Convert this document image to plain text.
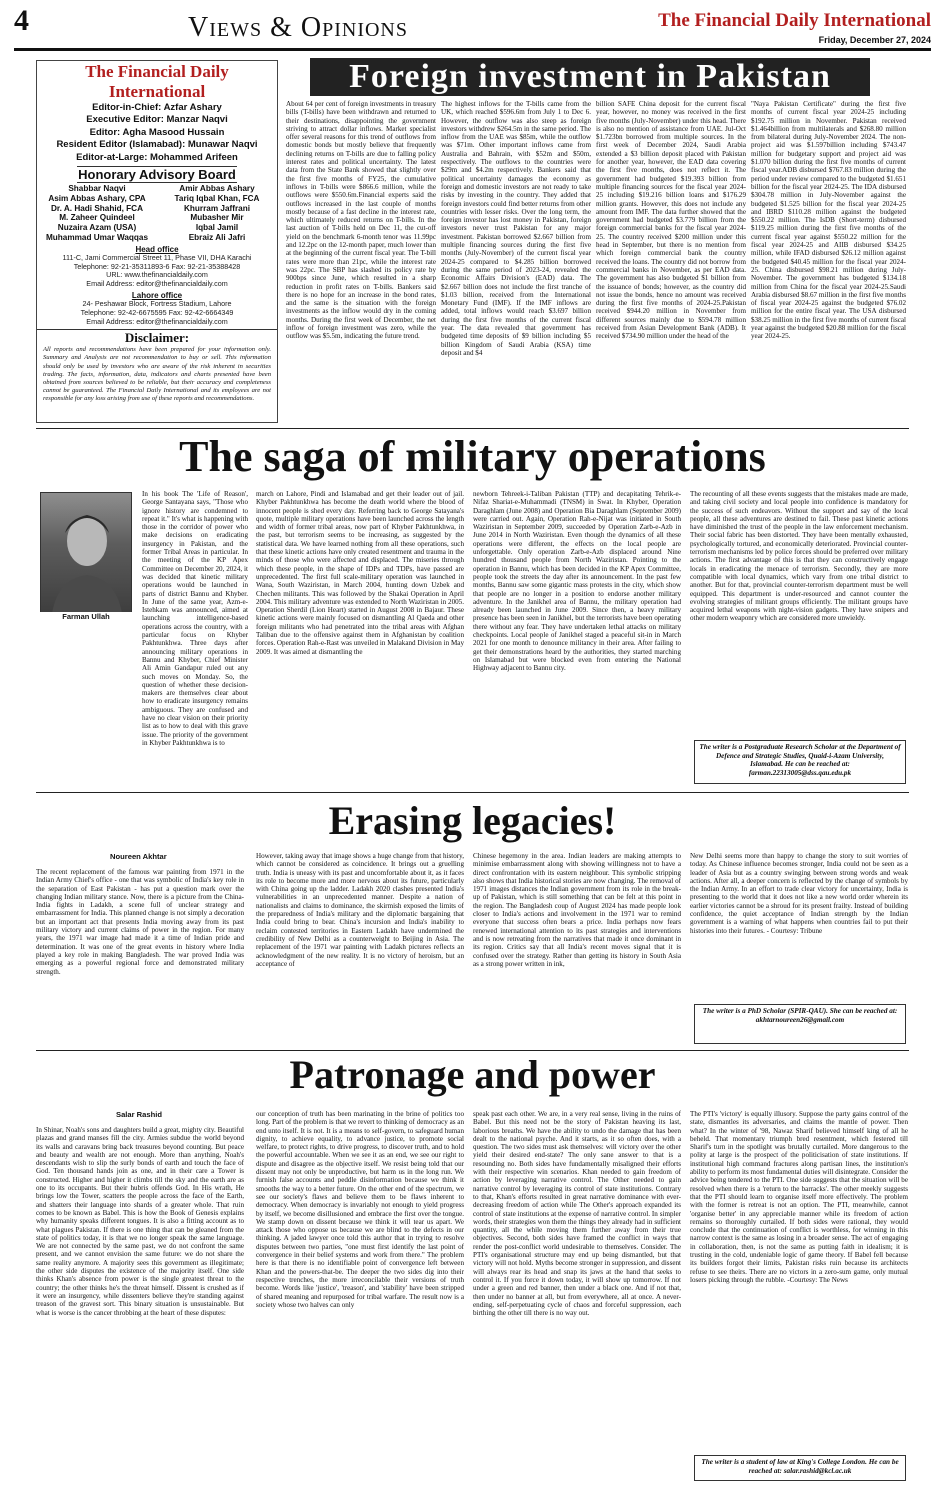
4	Views & Opinions	The Financial Daily International
Friday, December 27, 2024
The Financial Daily International
Editor-in-Chief: Azfar Ashary
Executive Editor: Manzar Naqvi
Editor: Agha Masood Hussain
Resident Editor (Islamabad): Munawar Naqvi
Editor-at-Large: Mohammed Arifeen
Honorary Advisory Board
Shabbar Naqvi
Asim Abbas Ashary, CPA
Dr. A. Hadi Shahid, FCA
M. Zaheer Quindeel
Nuzaira Azam (USA)
Muhammad Umar Waqqas
Amir Abbas Ashary
Tariq Iqbal Khan, FCA
Khurram Jaffrani
Mubasher Mir
Iqbal Jamil
Ebraiz Ali Jafri
Head office
111-C, Jami Commercial Street 11, Phase VII, DHA Karachi
Telephone: 92-21-35311893-6 Fax: 92-21-35388428
URL: www.thefinancialdaily.com
Email Address: editor@thefinancialdaily.com
Lahore office
24- Peshawar Block, Fortress Stadium, Lahore
Telephone: 92-42-6675595 Fax: 92-42-6664349
Email Address: editor@thefinancialdaily.com
Disclaimer:
All reports and recommendations have been prepared for your information only. Summary and Analysis are not recommendation to buy or sell. This information should only be used by investors who are aware of the risk inherent in securities trading. The facts, information, data, indicators and charts presented have been obtained from sources believed to be reliable, but their accuracy and completeness cannot be guaranteed. The Financial Daily International and its employees are not responsible for any loss arising from use of these reports and recommendations.
Foreign investment in Pakistan

About 64 per cent of foreign investments in treasury bills (T-bills) have been withdrawn and returned to their destinations, disappointing the government striving to attract dollar inflows. Market specialist offer several reasons for this trend of outflows from domestic bonds but mostly believe that frequently declining returns on T-bills are due to falling policy interest rates and political uncertainty. The latest data from the State Bank showed that slightly over the first five months of FY25, the cumulative inflows in T-bills were $866.6 million, while the outflows were $550.6m.Financial experts said the outflows increased in the last couple of months mostly because of a fast decline in the interest rate, which ultimately reduced returns on T-bills. In the last auction of T-bills held on Dec 11, the cut-off yield on the benchmark 6-month tenor was 11.99pc and 12.2pc on the 12-month paper, much lower than at the beginning of the current fiscal year. The T-bill rates were more than 21pc, while the interest rate was 22pc. The SBP has slashed its policy rate by 900bps since June, which resulted in a sharp reduction in profit rates on T-bills. Bankers said there is no hope for an increase in the bond rates, and the same is the situation with the foreign investments as the inflow would dry in the coming months. During the first week of December, the net inflow of foreign investment was zero, while the outflow was $5.5m, indicating the future trend.

The highest inflows for the T-bills came from the UK, which reached $596.6m from July 1 to Dec 6. However, the outflow was also steep as foreign investors withdrew $264.5m in the same period. The inflow from the UAE was $85m, while the outflow was $71m. Other important inflows came from Australia and Bahrain, with $52m and $50m, respectively. The outflows to the countries were $29m and $4.2m respectively. Bankers said that political uncertainty damages the economy as foreign and domestic investors are not ready to take risks by investing in the country. They added that foreign investors could find better returns from other countries with lesser risks. Over the long term, the foreign investor has lost money in Pakistan, foreign investors never trust Pakistan for any major investment. Pakistan borrowed $2.667 billion from multiple financing sources during the first five months (July-November) of the current fiscal year 2024-25 compared to $4.285 billion borrowed during the same period of 2023-24, revealed the Economic Affairs Division's (EAD) data. The $2.667 billion does not include the first tranche of $1.03 billion, received from the International Monetary Fund (IMF). If the IMF inflows are added, total inflows would reach $3.697 billion during the first five months of the current fiscal year. The data revealed that government has budgeted time deposits of $9 billion including $5 billion Kingdom of Saudi Arabia (KSA) time deposit and $4

billion SAFE China deposit for the current fiscal year, however, no money was received in the first five months (July-November) under this head. There is also no mention of assistance from UAE. Jul-Oct $1.723bn borrowed from multiple sources. In the first week of December 2024, Saudi Arabia extended a $3 billion deposit placed with Pakistan for another year, however, the EAD data covering the first five months, does not reflect it. The government had budgeted $19.393 billion from multiple financing sources for the fiscal year 2024-25 including $19.216 billion loans and $176.29 million grants. However, this does not include any amount from IMF. The data further showed that the government had budgeted $3.779 billion from the foreign commercial banks for the fiscal year 2024-25. The country received $200 million under this head in September, but there is no mention from which foreign commercial bank the country received the loans. The country did not borrow from commercial banks in November, as per EAD data. The government has also budgeted $1 billion from the issuance of bonds; however, as the country did not issue the bonds, hence no amount was received during the first five months of 2024-25.Pakistan received $944.20 million in November from different sources mainly due to $594.78 million received from Asian Development Bank (ADB). It received $734.90 million under the head of the

"Naya Pakistan Certificate" during the first five months of current fiscal year 2024-25 including $192.75 million in November. Pakistan received $1.464billion from multilaterals and $268.80 million from bilateral during July-November 2024. The non-project aid was $1.597billion including $743.47 million for budgetary support and project aid was $1.070 billion during the first five months of current fiscal year.ADB disbursed $767.83 million during the period under review compared to the budgeted $1.651 billion for the fiscal year 2024-25. The IDA disbursed $304.78 million in July-November against the budgeted $1.525 billion for the fiscal year 2024-25 and IBRD $110.28 million against the budgeted $550.22 million. The IsDB (Short-term) disbursed $119.25 million during the first five months of the current fiscal year against $550.22 million for the fiscal year 2024-25 and AIIB disbursed $34.25 million, while IFAD disbursed $26.12 million against the budgeted $40.45 million for the fiscal year 2024-25. China disbursed $98.21 million during July-November. The government has budgeted $134.18 million from China for the fiscal year 2024-25.Saudi Arabia disbursed $8.67 million in the first five months of fiscal year 2024-25 against the budgeted $76.02 million for the entire fiscal year. The USA disbursed $38.25 million in the first five months of current fiscal year against the budgeted $20.88 million for the fiscal year 2024-25.

The saga of military operations
Farman Ullah

In his book The 'Life of Reason', George Santayana says, "Those who ignore history are condemned to repeat it." It's what is happening with those in the corridor of power who make decisions on eradicating insurgency in Pakistan, and the former Tribal Areas in particular. In the meeting of the KP Apex Committee on December 20, 2024, it was decided that kinetic military operations would be launched in parts of district Bannu and Khyber. In June of the same year, Azm-e-Istehkam was announced, aimed at launching intelligence-based operations across the country, with a particular focus on Khyber Pakhtunkhwa. Three days after announcing military operations in Bannu and Khyber, Chief Minister Ali Amin Gandapur ruled out any such moves on Monday. So, the question of whether these decision-makers are themselves clear about how to eradicate insurgency remains ambiguous. They are confused and have no clear vision on their priority list as to how to deal with this grave issue. The priority of the government in Khyber Pakhtunkhwa is to

march on Lahore, Pindi and Islamabad and get their leader out of jail. Khyber Pakhtunkhwa has become the death world where the blood of innocent people is shed every day. Referring back to George Satayana's quote, multiple military operations have been launched across the length and width of former tribal areas, now part of Khyber Pakhtunkhwa, in the past, but terrorism seems to be increasing, as suggested by the statistical data. We have learned nothing from all these operations, such that these kinetic actions have only created resentment and trauma in the minds of those who were affected and displaced. The miseries through which these people, in the shape of IDPs and TDPs, have passed are unprecedented. The first full scale-military operation was launched in Wana, South Waziristan, in March 2004, hunting down Uzbek and Chechen militants. This was followed by the Shakai Operation in April 2004. This military adventure was extended to North Waziristan in 2005. Operation Sherdil (Lion Heart) started in August 2008 in Bajaur. These kinetic actions were mainly focused on dismantling Al Qaeda and other foreign militants who had penetrated into the tribal areas with Afghan Taliban due to the offensive against them in Afghanistan by coalition forces. Operation Rah-e-Rast was unveiled in Malakand Division in May 2009. It was aimed at dismantling the

newborn Tehreek-i-Taliban Pakistan (TTP) and decapitating Tehrik-e-Nifaz Shariat-e-Muhammadi (TNSM) in Swat. In Khyber, Operation Daraghlam (June 2008) and Operation Bia Daraghlam (September 2009) were carried out. Again, Operation Rah-e-Nijat was initiated in South Waziristan in September 2009, succeeded by Operation Zarb-e-Azb in June 2014 in North Waziristan. Even though the dynamics of all these operations were different, the effects on the local people are unforgettable. Only operation Zarb-e-Azb displaced around Nine hundred thousand people from North Waziristan. Pointing to the operation in Bannu, which has been decided in the KP Apex Committee, people took the streets the day after its announcement. In the past few months, Bannu saw some gigantic mass protests in the city, which show that people are no longer in a position to endorse another military adventure. In the Janikhel area of Bannu, the military operation had already been launched in June 2009. Since then, a heavy military presence has been seen in Janikhel, but the terrorists have been operating there without any fear. They have undertaken lethal attacks on military checkpoints. Local people of Janikhel staged a peaceful sit-in in March 2021 for one month to denounce militancy in their area. After failing to get their demonstrations heard by the authorities, they started marching on Islamabad but were blocked even from entering the National Highway adjacent to Bannu city.

The recounting of all these events suggests that the mistakes made are made, and taking civil society and local people into confidence is mandatory for the success of such endeavors. Without the support and say of the local people, all these adventures are destined to fail. These past kinetic actions have diminished the trust of the people in the law enforcement mechanism. Their social fabric has been distorted. They have been mentally exhausted, psychologically tortured, and economically deteriorated. Provincial counter-terrorism mechanisms led by police forces should be preferred over military actions. The first advantage of this is that they can constructively engage locals in eradicating the menace of terrorism. Secondly, they are more compatible with local dynamics, which vary from one tribal district to another. But for that, provincial counter-terrorism department must be well equipped. This department is under-resourced and cannot counter the evolving strategies of militant groups efficiently. The militant groups have acquired lethal weapons with night-vision gadgets. They have snipers and other modern weaponry which are considered more unwieldy.

The writer is a Postgraduate Research Scholar at the Department of Defence and Strategic Studies, Quaid-i-Azam University, Islamabad. He can be reached at: farman.22313005@dss.qau.edu.pk
Erasing legacies!
Noureen Akhtar

The recent replacement of the famous war painting from 1971 in the Indian Army Chief's office - one that was symbolic of India's key role in the separation of East Pakistan - has put a question mark over the changing Indian military stance. Now, there is a picture from the China-India fights in Ladakh, a scene full of unclear strategy and embarrassment for India. This planned change is not simply a decoration but an important act that presents India moving away from its past military victory and current claims of power in the region. For many years, the 1971 war image had made it a time of Indian pride and determination. It was one of the great events in history where India played a key role in making Bangladesh. The war proved India was emerging as a powerful regional force and demonstrated military strength.

However, taking away that image shows a huge change from that history, which cannot be considered as coincidence. It brings out a gruelling truth. India is uneasy with its past and uncomfortable about it, as it faces its role to become more and more nervous about its future, particularly with China going up the ladder. Ladakh 2020 clashes presented India's vulnerabilities in an unprecedented manner. Despite a nation of nationalists and claims to dominance, the skirmish exposed the limits of the preparedness of India's military and the diplomatic bargaining that India could bring to bear. China's incursion and India's inability to reclaim contested territories in Eastern Ladakh have undermined the credibility of New Delhi as a counterweight to Beijing in Asia. The replacement of the 1971 war painting with Ladakh pictures reflects an acknowledgment of the new reality. It is no victory of heroism, but an acceptance of

Chinese hegemony in the area. Indian leaders are making attempts to minimise embarrassment along with showing willingness not to have a direct confrontation with its eastern neighbour. This symbolic stripping also shows that India historical stories are now changing. The removal of 1971 images distances the Indian government from its role in the break-up of Pakistan, which is still something that can be felt at this point in the region. The Bangladesh coup of August 2024 has made people look closer to India's actions and involvement in the 1971 war to remind everyone that success often bears a price. India perhaps now fears renewed international attention to its past strategies and interventions and is now retreating from the narratives that made it once dominant in its region. Critics say that all India's recent moves signal that it is confused over the strategy. Rather than getting its history in South Asia as a strong power written in ink,

New Delhi seems more than happy to change the story to suit worries of today. As Chinese influence becomes stronger, India could not be seen as a leader of Asia but as a country swinging between strong words and weak actions. After all, a deeper concern is reflected by the change of symbols by the Indian Army. In an effort to trade clear victory for uncertainty, India is presenting to the world that it does not like a new world order wherein its earlier victories cannot be a shroud for its present frailty. Instead of building confidence, the quiet acceptance of Indian strength by the Indian government is a warning of what happens when countries fail to put their histories into their futures. - Courtesy: Tribune

The writer is a PhD Scholar (SPIR-QAU). She can be reached at: akhtarnoureen26@gmail.com
Patronage and power
Salar Rashid

In Shinar, Noah's sons and daughters build a great, mighty city. Beautiful plazas and grand manses fill the city. Armies subdue the world beyond its walls and caravans bring back treasures beyond counting. But peace and beauty and wealth are not enough. More than anything, Noah's descendants wish to slip the surly bonds of earth and touch the face of God. Ten thousand hands join as one, and in their care a Tower is constructed. Higher and higher it climbs till the sky and the earth are as one to its occupants. But their hubris offends God. In His wrath, He brings low the Tower, scatters the people across the face of the Earth, and shatters their language into shards of a greater whole. That ruin comes to be known as Babel. This is how the Book of Genesis explains why humanity speaks different tongues. It is also a fitting account as to what plagues Pakistan. If there is one thing that can be gleaned from the state of politics today, it is that we no longer speak the same language. We are not connected by the same past, we do not confront the same present, and we cannot envision the same future: we do not share the same reality anymore. A majority sees this government as illegitimate; the other side disputes the existence of the majority itself. One side thinks Khan's absence from power is the single greatest threat to the country; the other thinks he's the threat himself. Dissent is crushed as if it were an insurgency, while dissenters believe they're standing against treason of the gravest sort. This binary situation is unsustainable. But what is worse is the cancer throbbing at the heart of these disputes:

our conception of truth has been marinating in the brine of politics too long. Part of the problem is that we revert to thinking of democracy as an end unto itself. It is not. It is a means to self-govern, to safeguard human dignity, to achieve equality, to advance justice, to promote social welfare, to protect rights, to drive progress, to discover truth, and to hold the powerful accountable. When we see it as an end, we see our right to dispute and disagree as the objective itself. We resist being told that our dissent may not only be unproductive, but harm us in the long run. We furnish false accounts and peddle disinformation because we think it smooths the way to a better future. On the other end of the spectrum, we see our society's flaws and believe them to be flaws inherent to democracy. When democracy is invariably not enough to yield progress by itself, we become disillusioned and embrace the first over the tongue. We stamp down on dissent because we think it will tear us apart. We attack those who oppose us because we are blind to the defects in our thinking. A jaded lawyer once told this author that in trying to resolve disputes between two parties, "one must first identify the last point of convergence in their belief systems and work from there." The problem here is that there is no identifiable point of convergence left between Khan and the powers-that-be. The deeper the two sides dig into their respective trenches, the more irreconcilable their versions of truth become. Words like 'justice', 'treason', and 'stability' have been stripped of shared meaning and repurposed for tribal warfare. The result now is a society whose two halves can only

speak past each other. We are, in a very real sense, living in the ruins of Babel. But this need not be the story of Pakistan heaving its last, laborious breaths. We have the ability to undo the damage that has been dealt to the national psyche. And it starts, as it so often does, with a question. The two sides must ask themselves: will victory over the other yield their desired end-state? The only sane answer to that is a resounding no. Both sides have fundamentally misaligned their efforts with their respective win scenarios. Khan needed to gain freedom of action by leveraging narrative control. The Other needed to gain narrative control by leveraging its control of state institutions. Contrary to that, Khan's efforts resulted in great narrative dominance with ever-decreasing freedom of action while The Other's approach expanded its control of state institutions at the expense of narrative control. In simpler words, their strategies won them the things they already had in sufficient quantity, all the while moving them further away from their true objectives. Second, both sides have framed the conflict in ways that render the post-conflict world undesirable to themselves. Consider. The PTI's organisational structure may end up being dismantled, but that victory will not hold. Myths become stronger in suppression, and dissent will always rear its head and snap its jaws at the hand that seeks to control it. If you force it down today, it will show up tomorrow. If not under a green and red banner, then under a black one. And if not that, then under no banner at all, but from everywhere, all at once. A never-ending, self-perpetuating cycle of chaos and forceful suppression, each birthing the other till there is no way out.

The PTI's 'victory' is equally illusory. Suppose the party gains control of the state, dismantles its adversaries, and claims the mantle of power. Then what? In the winter of '98, Nawaz Sharif believed himself king of all he beheld. That momentary triumph bred resentment, which festered till Sharif's turn in the spotlight was brutally curtailed. More dangerous to the polity at large is the prospect of the politicisation of state institutions. If institutional high command fractures along partisan lines, the institution's ability to perform its most fundamental duties will disintegrate. Consider the advice being tendered to the PTI. One side suggests that the situation will be resolved when there is a 'return to the barracks'. The other meekly suggests that the PTI should learn to organise itself more effectively. The problem with the former is retreat is not an option. The PTI, meanwhile, cannot 'organise better' in any appreciable manner while its freedom of action remains so thoroughly curtailed. If both sides were rational, they would conclude that the continuation of conflict is worthless, for winning in this narrow context is the same as losing in a broader sense. The act of engaging in collaboration, then, is not the same as putting faith in idealism; it is trusting in the cold, undeniable logic of game theory. If Babel fell because its builders forgot their limits, Pakistan risks ruin because its architects refuse to see theirs. There are no victors in a zero-sum game, only mutual losers picking through the rubble. -Courtesy: The News

The writer is a student of law at King's College London. He can be reached at: salar.rashid@kcl.ac.uk
